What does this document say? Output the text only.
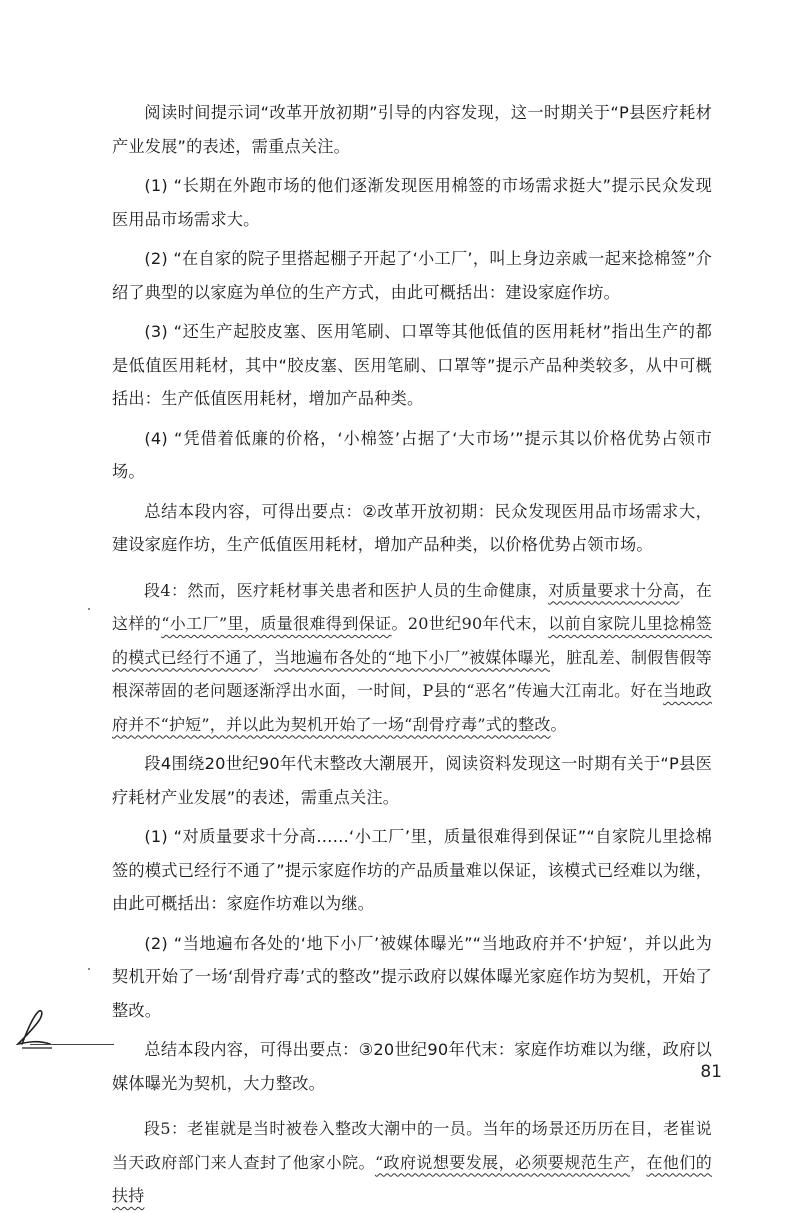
阅读时间提示词“改革开放初期”引导的内容发现，这一时期关于“P县医疗耗材产业发展”的表述，需重点关注。

(1) “长期在外跑市场的他们逐渐发现医用棉签的市场需求挺大”提示民众发现医用品市场需求大。

(2) “在自家的院子里搭起棚子开起了‘小工厂’，叫上身边亲戚一起来捻棉签”介绍了典型的以家庭为单位的生产方式，由此可概括出：建设家庭作坊。

(3) “还生产起胶皮塞、医用笔刷、口罩等其他低值的医用耗材”指出生产的都是低值医用耗材，其中“胶皮塞、医用笔刷、口罩等”提示产品种类较多，从中可概括出：生产低值医用耗材，增加产品种类。

(4) “凭借着低廉的价格，‘小棉签’占据了‘大市场’”提示其以价格优势占领市场。

总结本段内容，可得出要点：②改革开放初期：民众发现医用品市场需求大，建设家庭作坊，生产低值医用耗材，增加产品种类，以价格优势占领市场。

段4：然而，医疗耗材事关患者和医护人员的生命健康，对质量要求十分高，在这样的“小工厂”里，质量很难得到保证。20世纪90年代末，以前自家院儿里捻棉签的模式已经行不通了，当地遍布各处的“地下小厂”被媒体曝光，脏乱差、制假售假等根深蒂固的老问题逐渐浮出水面，一时间，P县的“恶名”传遍大江南北。好在当地政府并不“护短”，并以此为契机开始了一场“刮骨疗毒”式的整改。

段4围绕20世纪90年代末整改大潮展开，阅读资料发现这一时期有关于“P县医疗耗材产业发展”的表述，需重点关注。

(1) “对质量要求十分高……‘小工厂’里，质量很难得到保证”“自家院儿里捻棉签的模式已经行不通了”提示家庭作坊的产品质量难以保证，该模式已经难以为继，由此可概括出：家庭作坊难以为继。

(2) “当地遍布各处的‘地下小厂’被媒体曝光”“当地政府并不‘护短’，并以此为契机开始了一场‘刮骨疗毒’式的整改”提示政府以媒体曝光家庭作坊为契机，开始了整改。

总结本段内容，可得出要点：③20世纪90年代末：家庭作坊难以为继，政府以媒体曝光为契机，大力整改。

段5：老崔就是当时被卷入整改大潮中的一员。当年的场景还历历在目，老崔说当天政府部门来人查封了他家小院。“政府说想要发展，必须要规范生产，在他们的扶持

81
